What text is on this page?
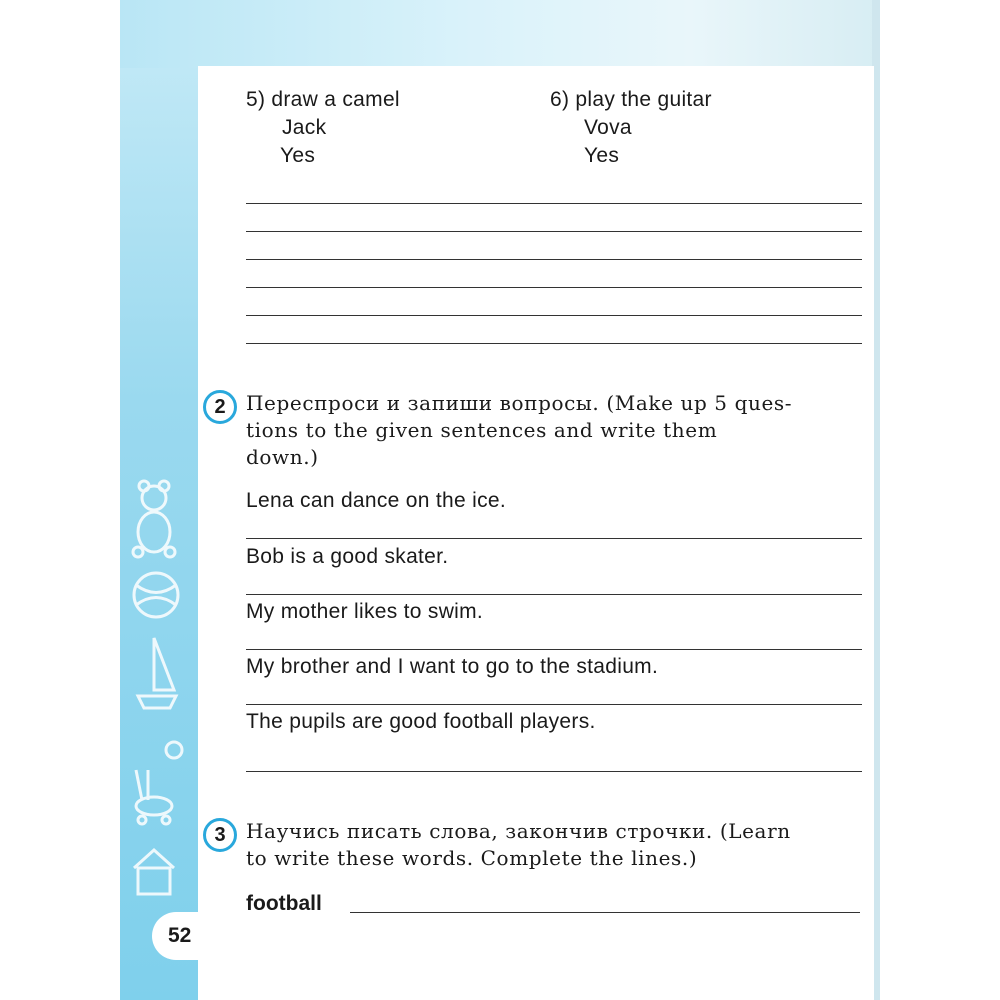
5) draw a camel
Jack
Yes
6) play the guitar
Vova
Yes
2	Переспроси и запиши вопросы. (Make up 5 ques-
tions to the given sentences and write them
down.)
Lena can dance on the ice.
Bob is a good skater.
My mother likes to swim.
My brother and I want to go to the stadium.
The pupils are good football players.
3	Научись писать слова, закончив строчки. (Learn
to write these words. Complete the lines.)
football
52
